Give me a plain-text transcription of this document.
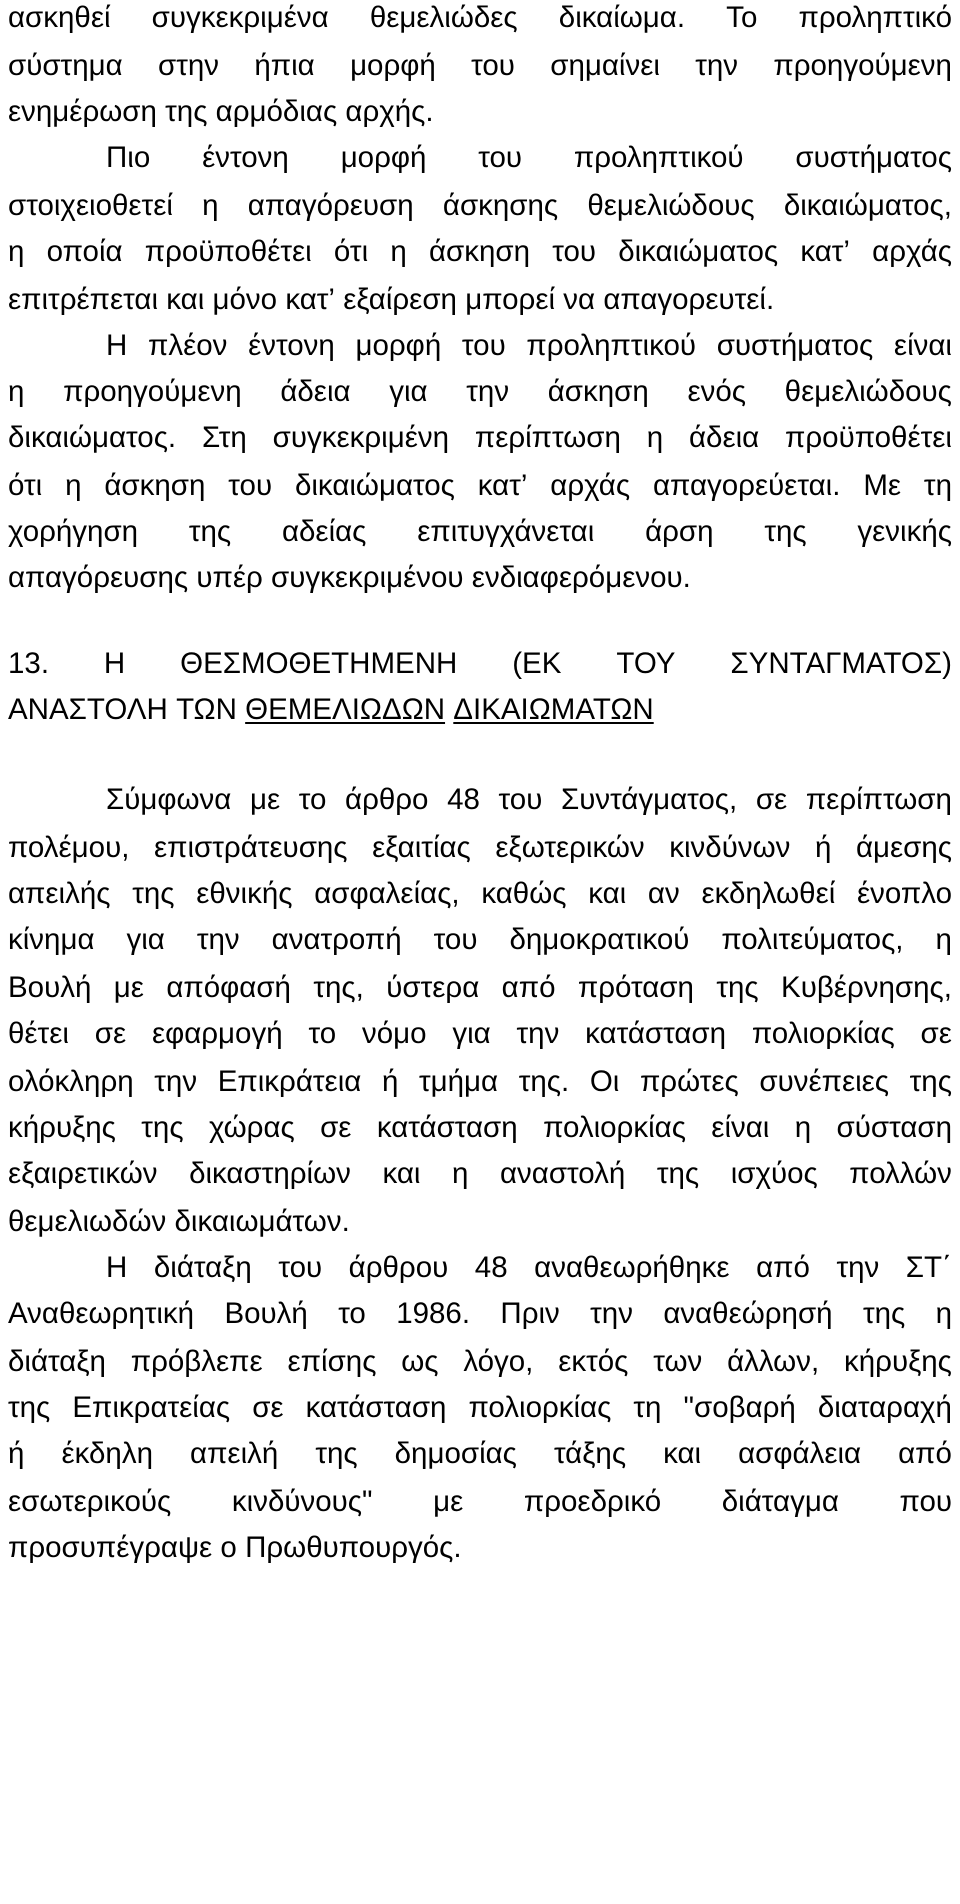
ασκηθεί συγκεκριμένα θεμελιώδες δικαίωμα. Το προληπτικό
σύστημα στην ήπια μορφή του σημαίνει την προηγούμενη
ενημέρωση της αρμόδιας αρχής.
Πιο έντονη μορφή του προληπτικού συστήματος
στοιχειοθετεί η απαγόρευση άσκησης θεμελιώδους δικαιώματος,
η οποία προϋποθέτει ότι η άσκηση του δικαιώματος κατ’ αρχάς
επιτρέπεται και μόνο κατ’ εξαίρεση μπορεί να απαγορευτεί.
Η πλέον έντονη μορφή του προληπτικού συστήματος είναι
η προηγούμενη άδεια για την άσκηση ενός θεμελιώδους
δικαιώματος. Στη συγκεκριμένη περίπτωση η άδεια προϋποθέτει
ότι η άσκηση του δικαιώματος κατ’ αρχάς απαγορεύεται. Με τη
χορήγηση της αδείας επιτυγχάνεται άρση της γενικής
απαγόρευσης υπέρ συγκεκριμένου ενδιαφερόμενου.
13. Η ΘΕΣΜΟΘΕΤΗΜΕΝΗ (ΕΚ ΤΟΥ ΣΥΝΤΑΓΜΑΤΟΣ)
ΑΝΑΣΤΟΛΗ ΤΩΝ ΘΕΜΕΛΙΩΔΩΝ ΔΙΚΑΙΩΜΑΤΩΝ
Σύμφωνα με το άρθρο 48 του Συντάγματος, σε περίπτωση
πολέμου, επιστράτευσης εξαιτίας εξωτερικών κινδύνων ή άμεσης
απειλής της εθνικής ασφαλείας, καθώς και αν εκδηλωθεί ένοπλο
κίνημα για την ανατροπή του δημοκρατικού πολιτεύματος, η
Βουλή με απόφασή της, ύστερα από πρόταση της Κυβέρνησης,
θέτει σε εφαρμογή το νόμο για την κατάσταση πολιορκίας σε
ολόκληρη την Επικράτεια ή τμήμα της. Οι πρώτες συνέπειες της
κήρυξης της χώρας σε κατάσταση πολιορκίας είναι η σύσταση
εξαιρετικών δικαστηρίων και η αναστολή της ισχύος πολλών
θεμελιωδών δικαιωμάτων.
Η διάταξη του άρθρου 48 αναθεωρήθηκε από την ΣΤ΄
Αναθεωρητική Βουλή το 1986. Πριν την αναθεώρησή της η
διάταξη πρόβλεπε επίσης ως λόγο, εκτός των άλλων, κήρυξης
της Επικρατείας σε κατάσταση πολιορκίας τη "σοβαρή διαταραχή
ή έκδηλη απειλή της δημοσίας τάξης και ασφάλεια από
εσωτερικούς κινδύνους" με προεδρικό διάταγμα που
προσυπέγραψε ο Πρωθυπουργός.
